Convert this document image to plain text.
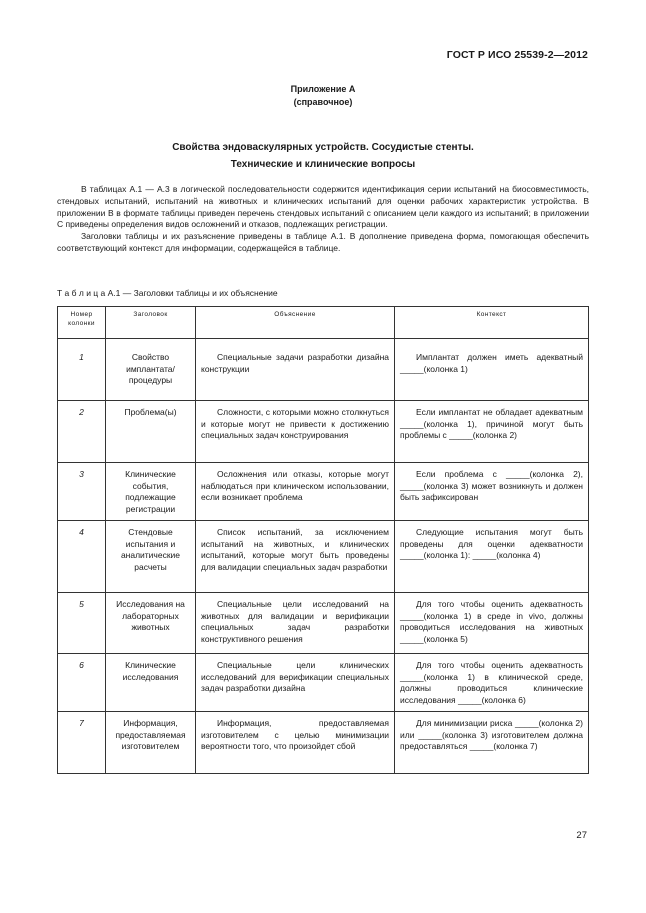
ГОСТ Р ИСО 25539-2—2012
Приложение А
(справочное)
Свойства эндоваскулярных устройств. Сосудистые стенты.
Технические и клинические вопросы

В таблицах А.1 — А.3 в логической последовательности содержится идентификация серии испытаний на биосовместимость, стендовых испытаний, испытаний на животных и клинических испытаний для оценки рабочих характеристик устройства. В приложении В в формате таблицы приведен перечень стендовых испытаний с описанием цели каждого из испытаний; в приложении С приведены определения видов осложнений и отказов, подлежащих регистрации.

Заголовки таблицы и их разъяснение приведены в таблице А.1. В дополнение приведена форма, помогающая обеспечить соответствующий контекст для информации, содержащейся в таблице.

Т а б л и ц а А.1 — Заголовки таблицы и их объяснение
Номер колонки	Заголовок	Объяснение	Контекст
1	Свойство имплантата/процедуры	Специальные задачи разработки дизайна конструкции	Имплантат должен иметь адекватный _____(колонка 1)

2	Проблема(ы)	Сложности, с которыми можно столкнуться и которые могут не привести к достижению специальных задач конструирования	Если имплантат не обладает адекватным _____(колонка 1), причиной могут быть проблемы с _____(колонка 2)

3	Клинические события, подлежащие регистрации	Осложнения или отказы, которые могут наблюдаться при клиническом использовании, если возникает проблема	Если проблема с _____(колонка 2), _____(колонка 3) может возникнуть и должен быть зафиксирован

4	Стендовые испытания и аналитические расчеты	Список испытаний, за исключением испытаний на животных, и клинических испытаний, которые могут быть проведены для валидации специальных задач разработки	Следующие испытания могут быть проведены для оценки адекватности _____(колонка 1): _____(колонка 4)

5	Исследования на лабораторных животных	Специальные цели исследований на животных для валидации и верификации специальных задач разработки конструктивного решения	Для того чтобы оценить адекватность _____(колонка 1) в среде in vivo, должны проводиться исследования на животных _____(колонка 5)

6	Клинические исследования	Специальные цели клинических исследований для верификации специальных задач разработки дизайна	Для того чтобы оценить адекватность _____(колонка 1) в клинической среде, должны проводиться клинические исследования _____(колонка 6)

7	Информация, предоставляемая изготовителем	Информация, предоставляемая изготовителем с целью минимизации вероятности того, что произойдет сбой	Для минимизации риска _____(колонка 2) или _____(колонка 3) изготовителем должна предоставляться _____(колонка 7)
27
